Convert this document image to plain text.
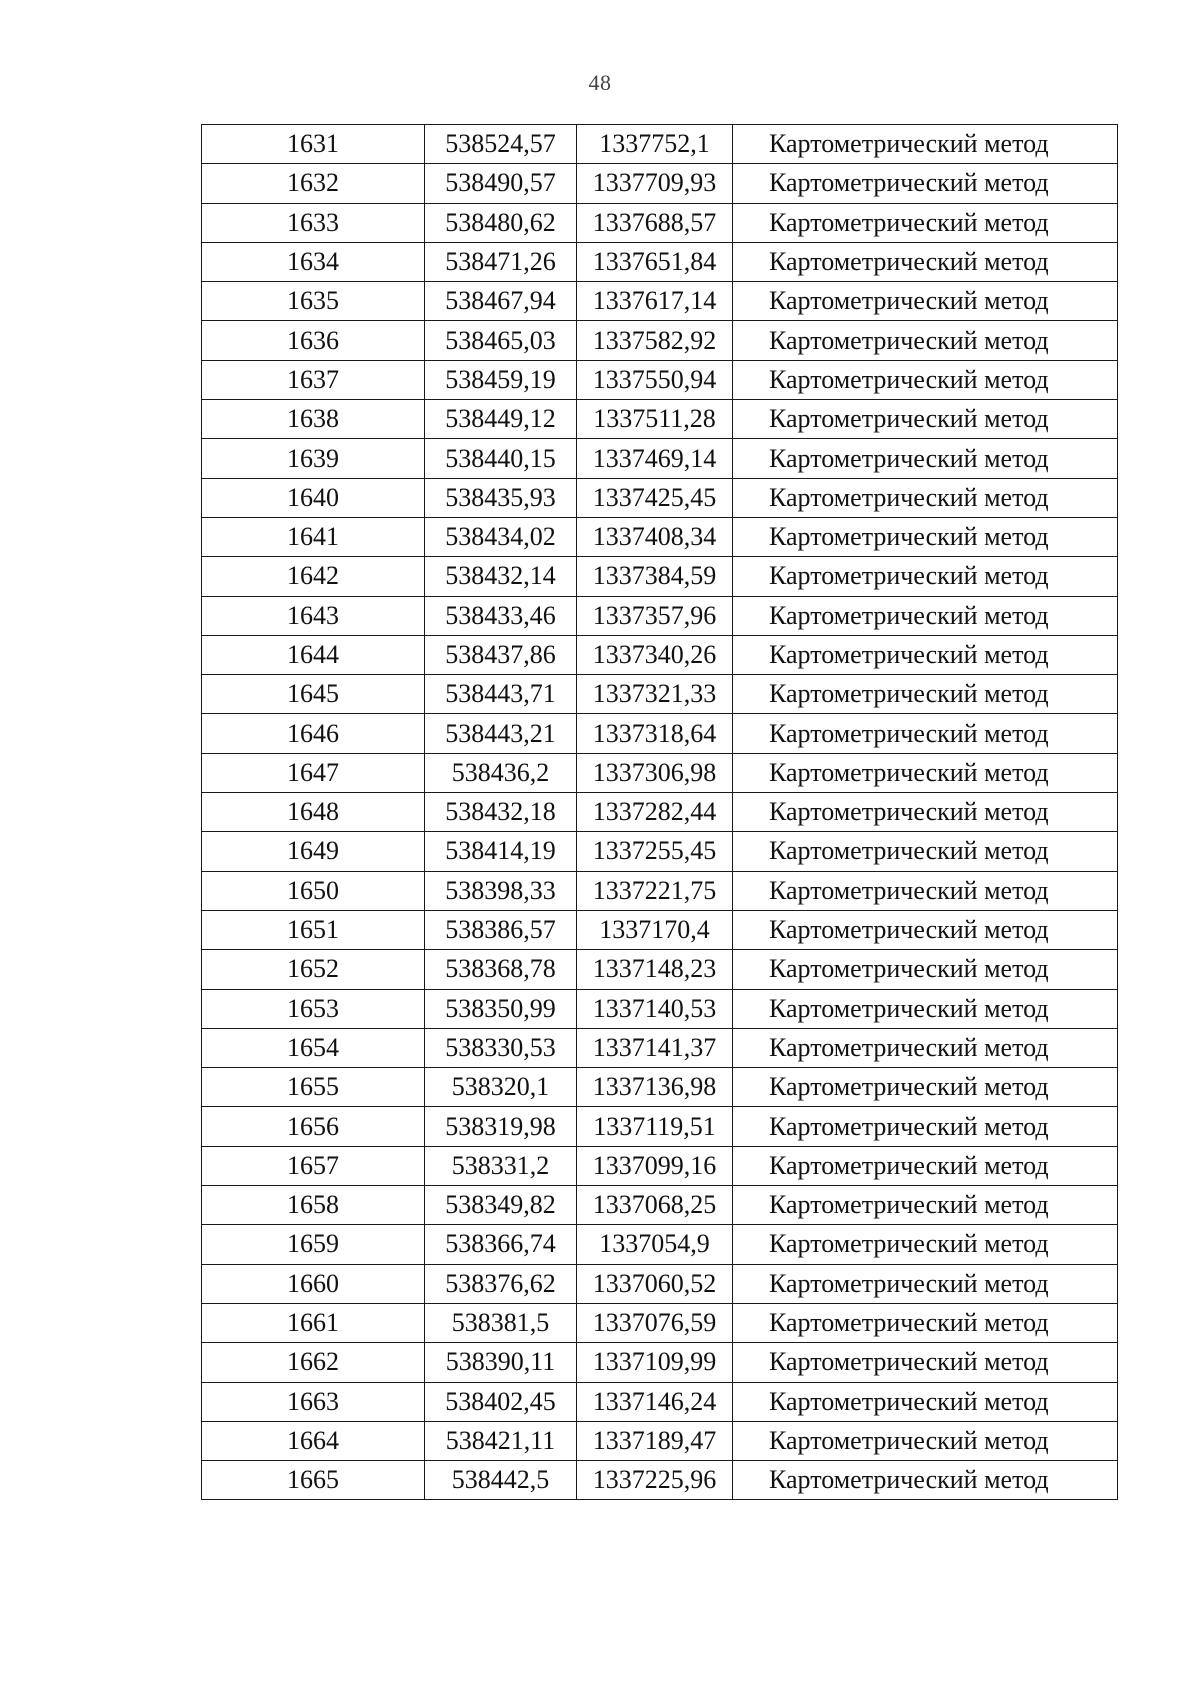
48
1631	538524,57	1337752,1	Картометрический метод
1632	538490,57	1337709,93	Картометрический метод
1633	538480,62	1337688,57	Картометрический метод
1634	538471,26	1337651,84	Картометрический метод
1635	538467,94	1337617,14	Картометрический метод
1636	538465,03	1337582,92	Картометрический метод
1637	538459,19	1337550,94	Картометрический метод
1638	538449,12	1337511,28	Картометрический метод
1639	538440,15	1337469,14	Картометрический метод
1640	538435,93	1337425,45	Картометрический метод
1641	538434,02	1337408,34	Картометрический метод
1642	538432,14	1337384,59	Картометрический метод
1643	538433,46	1337357,96	Картометрический метод
1644	538437,86	1337340,26	Картометрический метод
1645	538443,71	1337321,33	Картометрический метод
1646	538443,21	1337318,64	Картометрический метод
1647	538436,2	1337306,98	Картометрический метод
1648	538432,18	1337282,44	Картометрический метод
1649	538414,19	1337255,45	Картометрический метод
1650	538398,33	1337221,75	Картометрический метод
1651	538386,57	1337170,4	Картометрический метод
1652	538368,78	1337148,23	Картометрический метод
1653	538350,99	1337140,53	Картометрический метод
1654	538330,53	1337141,37	Картометрический метод
1655	538320,1	1337136,98	Картометрический метод
1656	538319,98	1337119,51	Картометрический метод
1657	538331,2	1337099,16	Картометрический метод
1658	538349,82	1337068,25	Картометрический метод
1659	538366,74	1337054,9	Картометрический метод
1660	538376,62	1337060,52	Картометрический метод
1661	538381,5	1337076,59	Картометрический метод
1662	538390,11	1337109,99	Картометрический метод
1663	538402,45	1337146,24	Картометрический метод
1664	538421,11	1337189,47	Картометрический метод
1665	538442,5	1337225,96	Картометрический метод
